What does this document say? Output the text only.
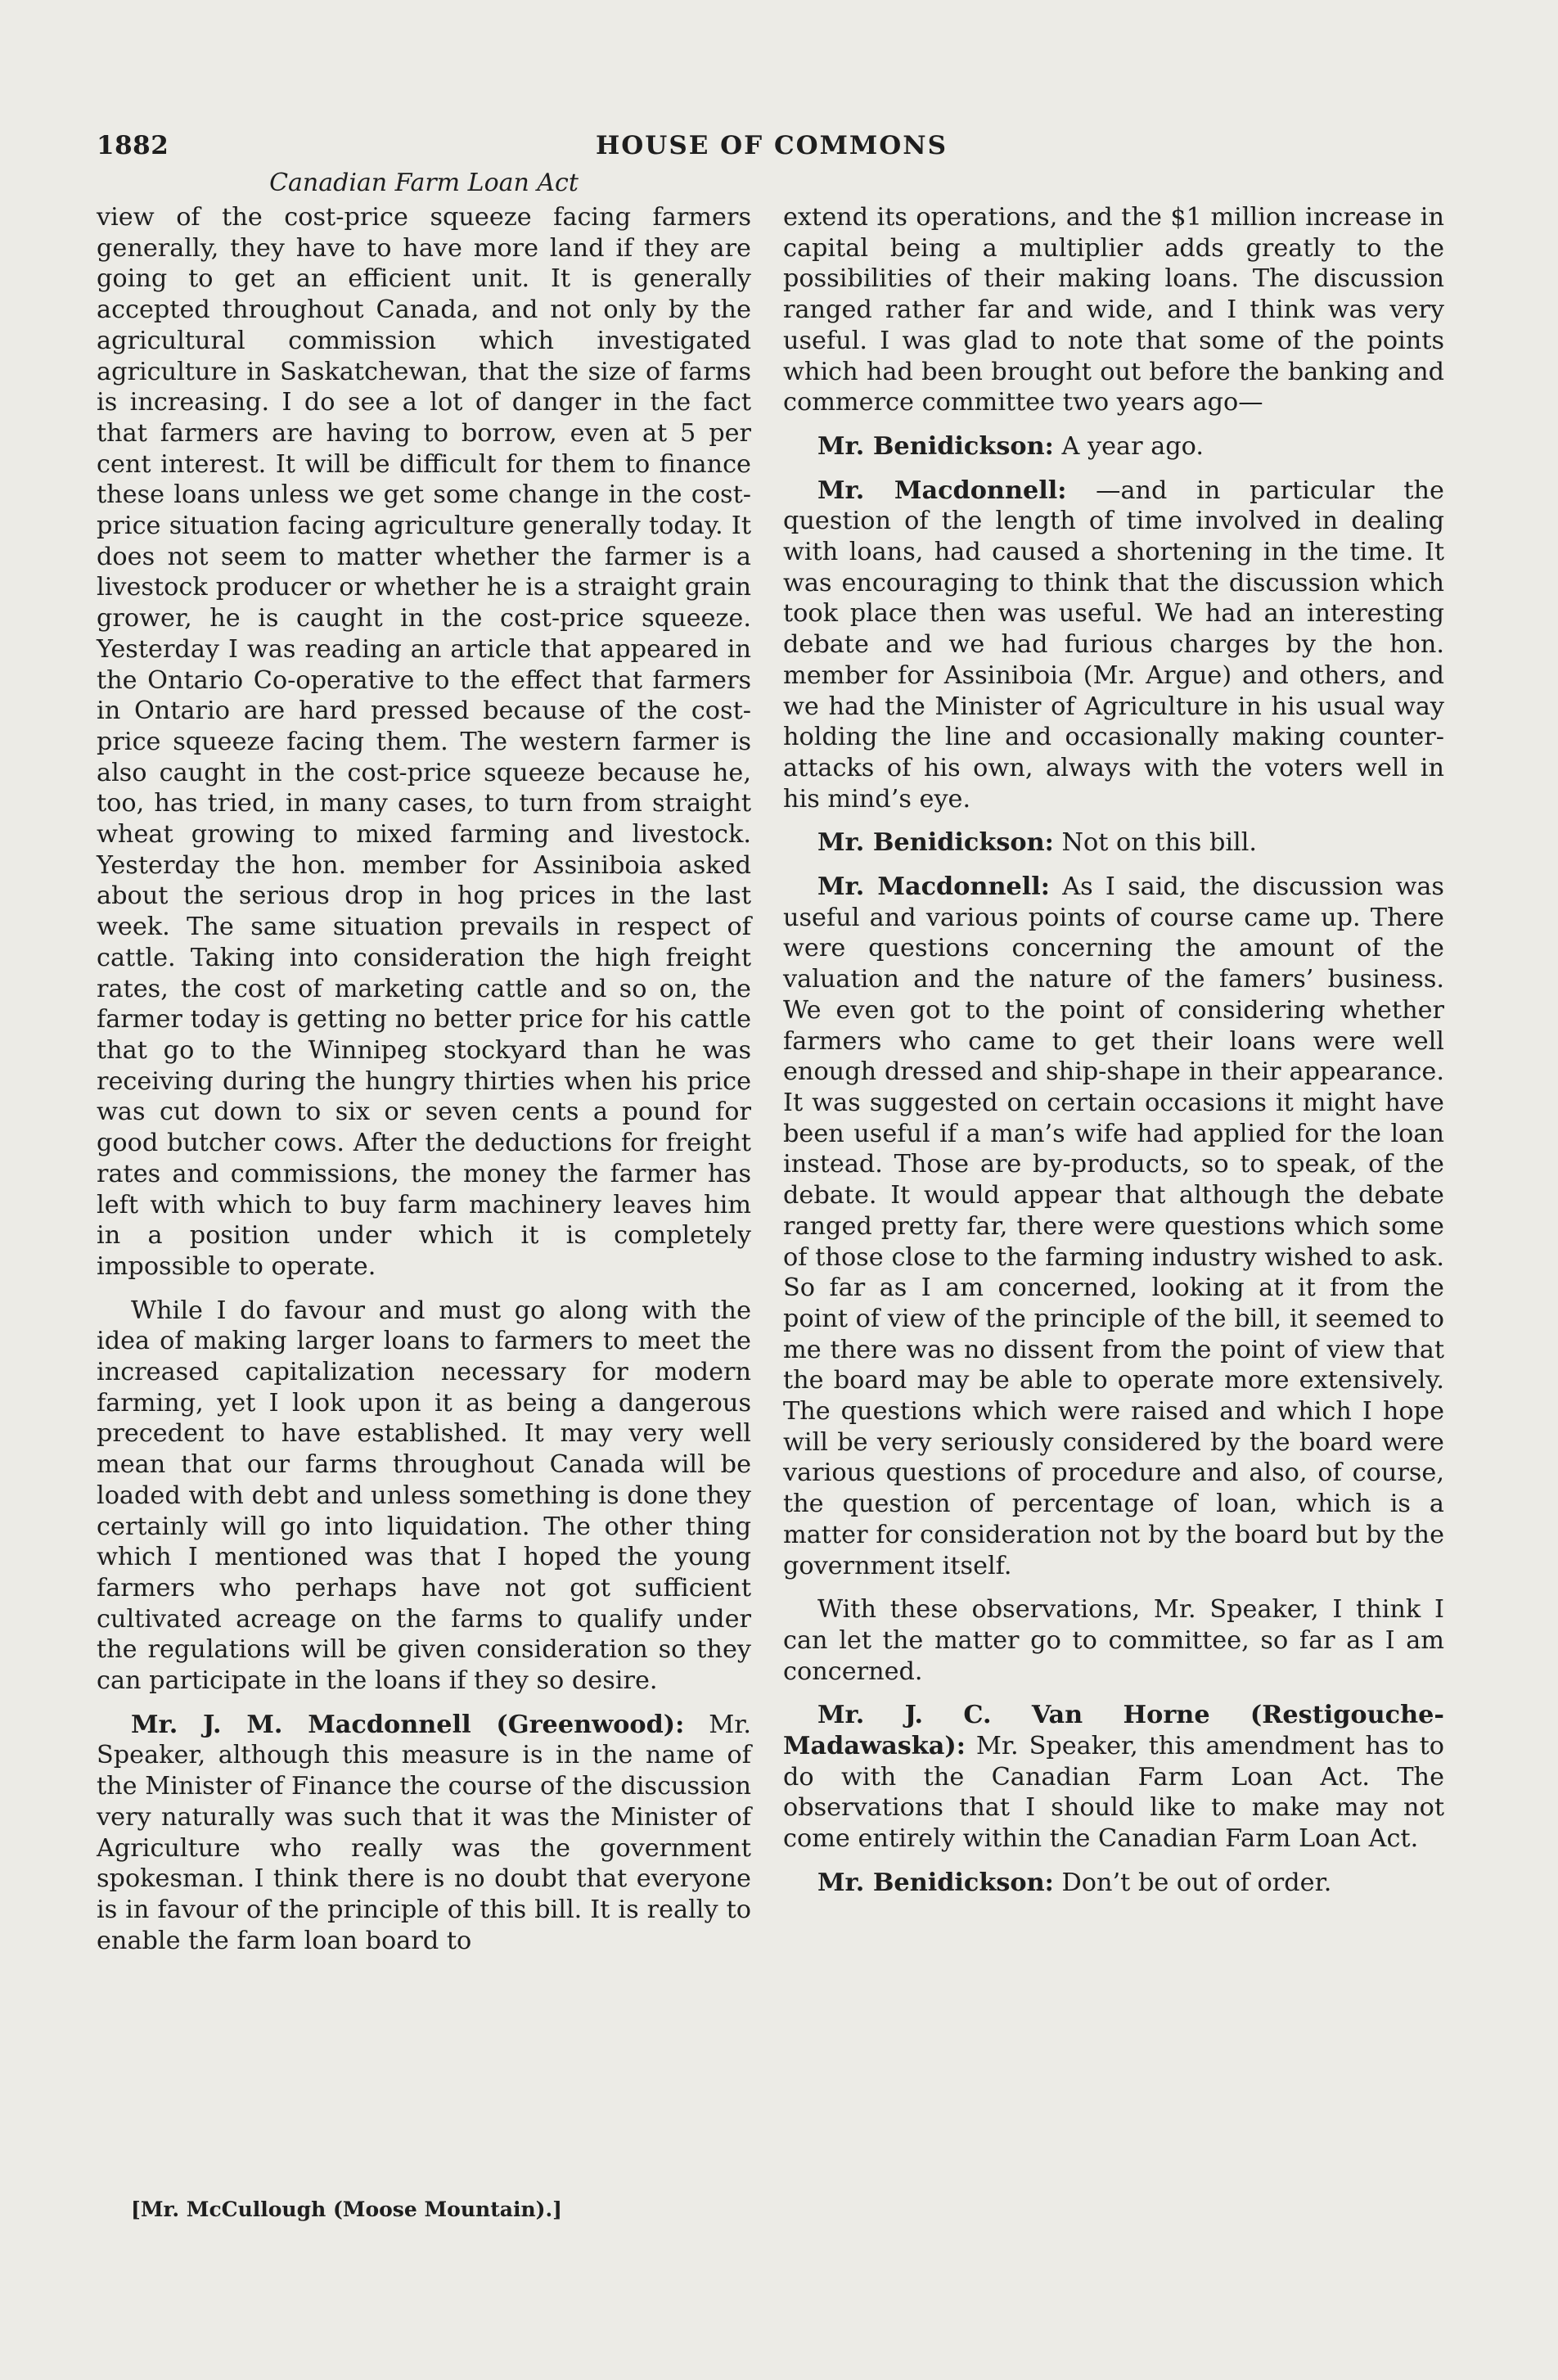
1882	HOUSE OF COMMONS
Canadian Farm Loan Act

view of the cost-price squeeze facing farmers generally, they have to have more land if they are going to get an efficient unit. It is generally accepted throughout Canada, and not only by the agricultural commission which investigated agriculture in Saskatchewan, that the size of farms is increasing. I do see a lot of danger in the fact that farmers are having to borrow, even at 5 per cent interest. It will be difficult for them to finance these loans unless we get some change in the cost-price situation facing agriculture generally today. It does not seem to matter whether the farmer is a livestock producer or whether he is a straight grain grower, he is caught in the cost-price squeeze. Yesterday I was reading an article that appeared in the Ontario Co-operative to the effect that farmers in Ontario are hard pressed because of the cost-price squeeze facing them. The western farmer is also caught in the cost-price squeeze because he, too, has tried, in many cases, to turn from straight wheat growing to mixed farming and livestock. Yesterday the hon. member for Assiniboia asked about the serious drop in hog prices in the last week. The same situation prevails in respect of cattle. Taking into consideration the high freight rates, the cost of marketing cattle and so on, the farmer today is getting no better price for his cattle that go to the Winnipeg stockyard than he was receiving during the hungry thirties when his price was cut down to six or seven cents a pound for good butcher cows. After the deductions for freight rates and commissions, the money the farmer has left with which to buy farm machinery leaves him in a position under which it is completely impossible to operate.

While I do favour and must go along with the idea of making larger loans to farmers to meet the increased capitalization necessary for modern farming, yet I look upon it as being a dangerous precedent to have established. It may very well mean that our farms throughout Canada will be loaded with debt and unless something is done they certainly will go into liquidation. The other thing which I mentioned was that I hoped the young farmers who perhaps have not got sufficient cultivated acreage on the farms to qualify under the regulations will be given consideration so they can participate in the loans if they so desire.

Mr. J. M. Macdonnell (Greenwood): Mr. Speaker, although this measure is in the name of the Minister of Finance the course of the discussion very naturally was such that it was the Minister of Agriculture who really was the government spokesman. I think there is no doubt that everyone is in favour of the principle of this bill. It is really to enable the farm loan board to

extend its operations, and the $1 million increase in capital being a multiplier adds greatly to the possibilities of their making loans. The discussion ranged rather far and wide, and I think was very useful. I was glad to note that some of the points which had been brought out before the banking and commerce committee two years ago—

Mr. Benidickson: A year ago.

Mr. Macdonnell: —and in particular the question of the length of time involved in dealing with loans, had caused a shortening in the time. It was encouraging to think that the discussion which took place then was useful. We had an interesting debate and we had furious charges by the hon. member for Assiniboia (Mr. Argue) and others, and we had the Minister of Agriculture in his usual way holding the line and occasionally making counter-attacks of his own, always with the voters well in his mind’s eye.

Mr. Benidickson: Not on this bill.

Mr. Macdonnell: As I said, the discussion was useful and various points of course came up. There were questions concerning the amount of the valuation and the nature of the famers’ business. We even got to the point of considering whether farmers who came to get their loans were well enough dressed and ship-shape in their appearance. It was suggested on certain occasions it might have been useful if a man’s wife had applied for the loan instead. Those are by-products, so to speak, of the debate. It would appear that although the debate ranged pretty far, there were questions which some of those close to the farming industry wished to ask. So far as I am concerned, looking at it from the point of view of the principle of the bill, it seemed to me there was no dissent from the point of view that the board may be able to operate more extensively. The questions which were raised and which I hope will be very seriously considered by the board were various questions of procedure and also, of course, the question of percentage of loan, which is a matter for consideration not by the board but by the government itself.

With these observations, Mr. Speaker, I think I can let the matter go to committee, so far as I am concerned.

Mr. J. C. Van Horne (Restigouche-Madawaska): Mr. Speaker, this amendment has to do with the Canadian Farm Loan Act. The observations that I should like to make may not come entirely within the Canadian Farm Loan Act.

Mr. Benidickson: Don’t be out of order.

[Mr. McCullough (Moose Mountain).]
